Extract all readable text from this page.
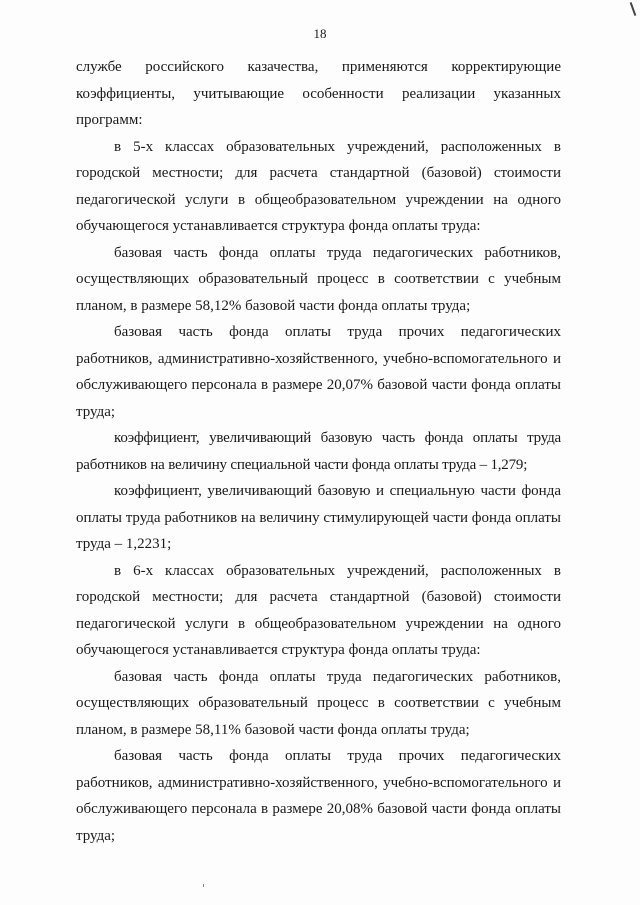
18

службе российского казачества, применяются корректирующие коэффициенты, учитывающие особенности реализации указанных программ:

в 5-х классах образовательных учреждений, расположенных в городской местности; для расчета стандартной (базовой) стоимости педагогической услуги в общеобразовательном учреждении на одного обучающегося устанавливается структура фонда оплаты труда:

базовая часть фонда оплаты труда педагогических работников, осуществляющих образовательный процесс в соответствии с учебным планом, в размере 58,12% базовой части фонда оплаты труда;

базовая часть фонда оплаты труда прочих педагогических работников, административно-хозяйственного, учебно-вспомогательного и обслуживающего персонала в размере 20,07% базовой части фонда оплаты труда;

коэффициент, увеличивающий базовую часть фонда оплаты труда работников на величину специальной части фонда оплаты труда – 1,279;

коэффициент, увеличивающий базовую и специальную части фонда оплаты труда работников на величину стимулирующей части фонда оплаты труда – 1,2231;

в 6-х классах образовательных учреждений, расположенных в городской местности; для расчета стандартной (базовой) стоимости педагогической услуги в общеобразовательном учреждении на одного обучающегося устанавливается структура фонда оплаты труда:

базовая часть фонда оплаты труда педагогических работников, осуществляющих образовательный процесс в соответствии с учебным планом, в размере 58,11% базовой части фонда оплаты труда;

базовая часть фонда оплаты труда прочих педагогических работников, административно-хозяйственного, учебно-вспомогательного и обслуживающего персонала в размере 20,08% базовой части фонда оплаты труда;
